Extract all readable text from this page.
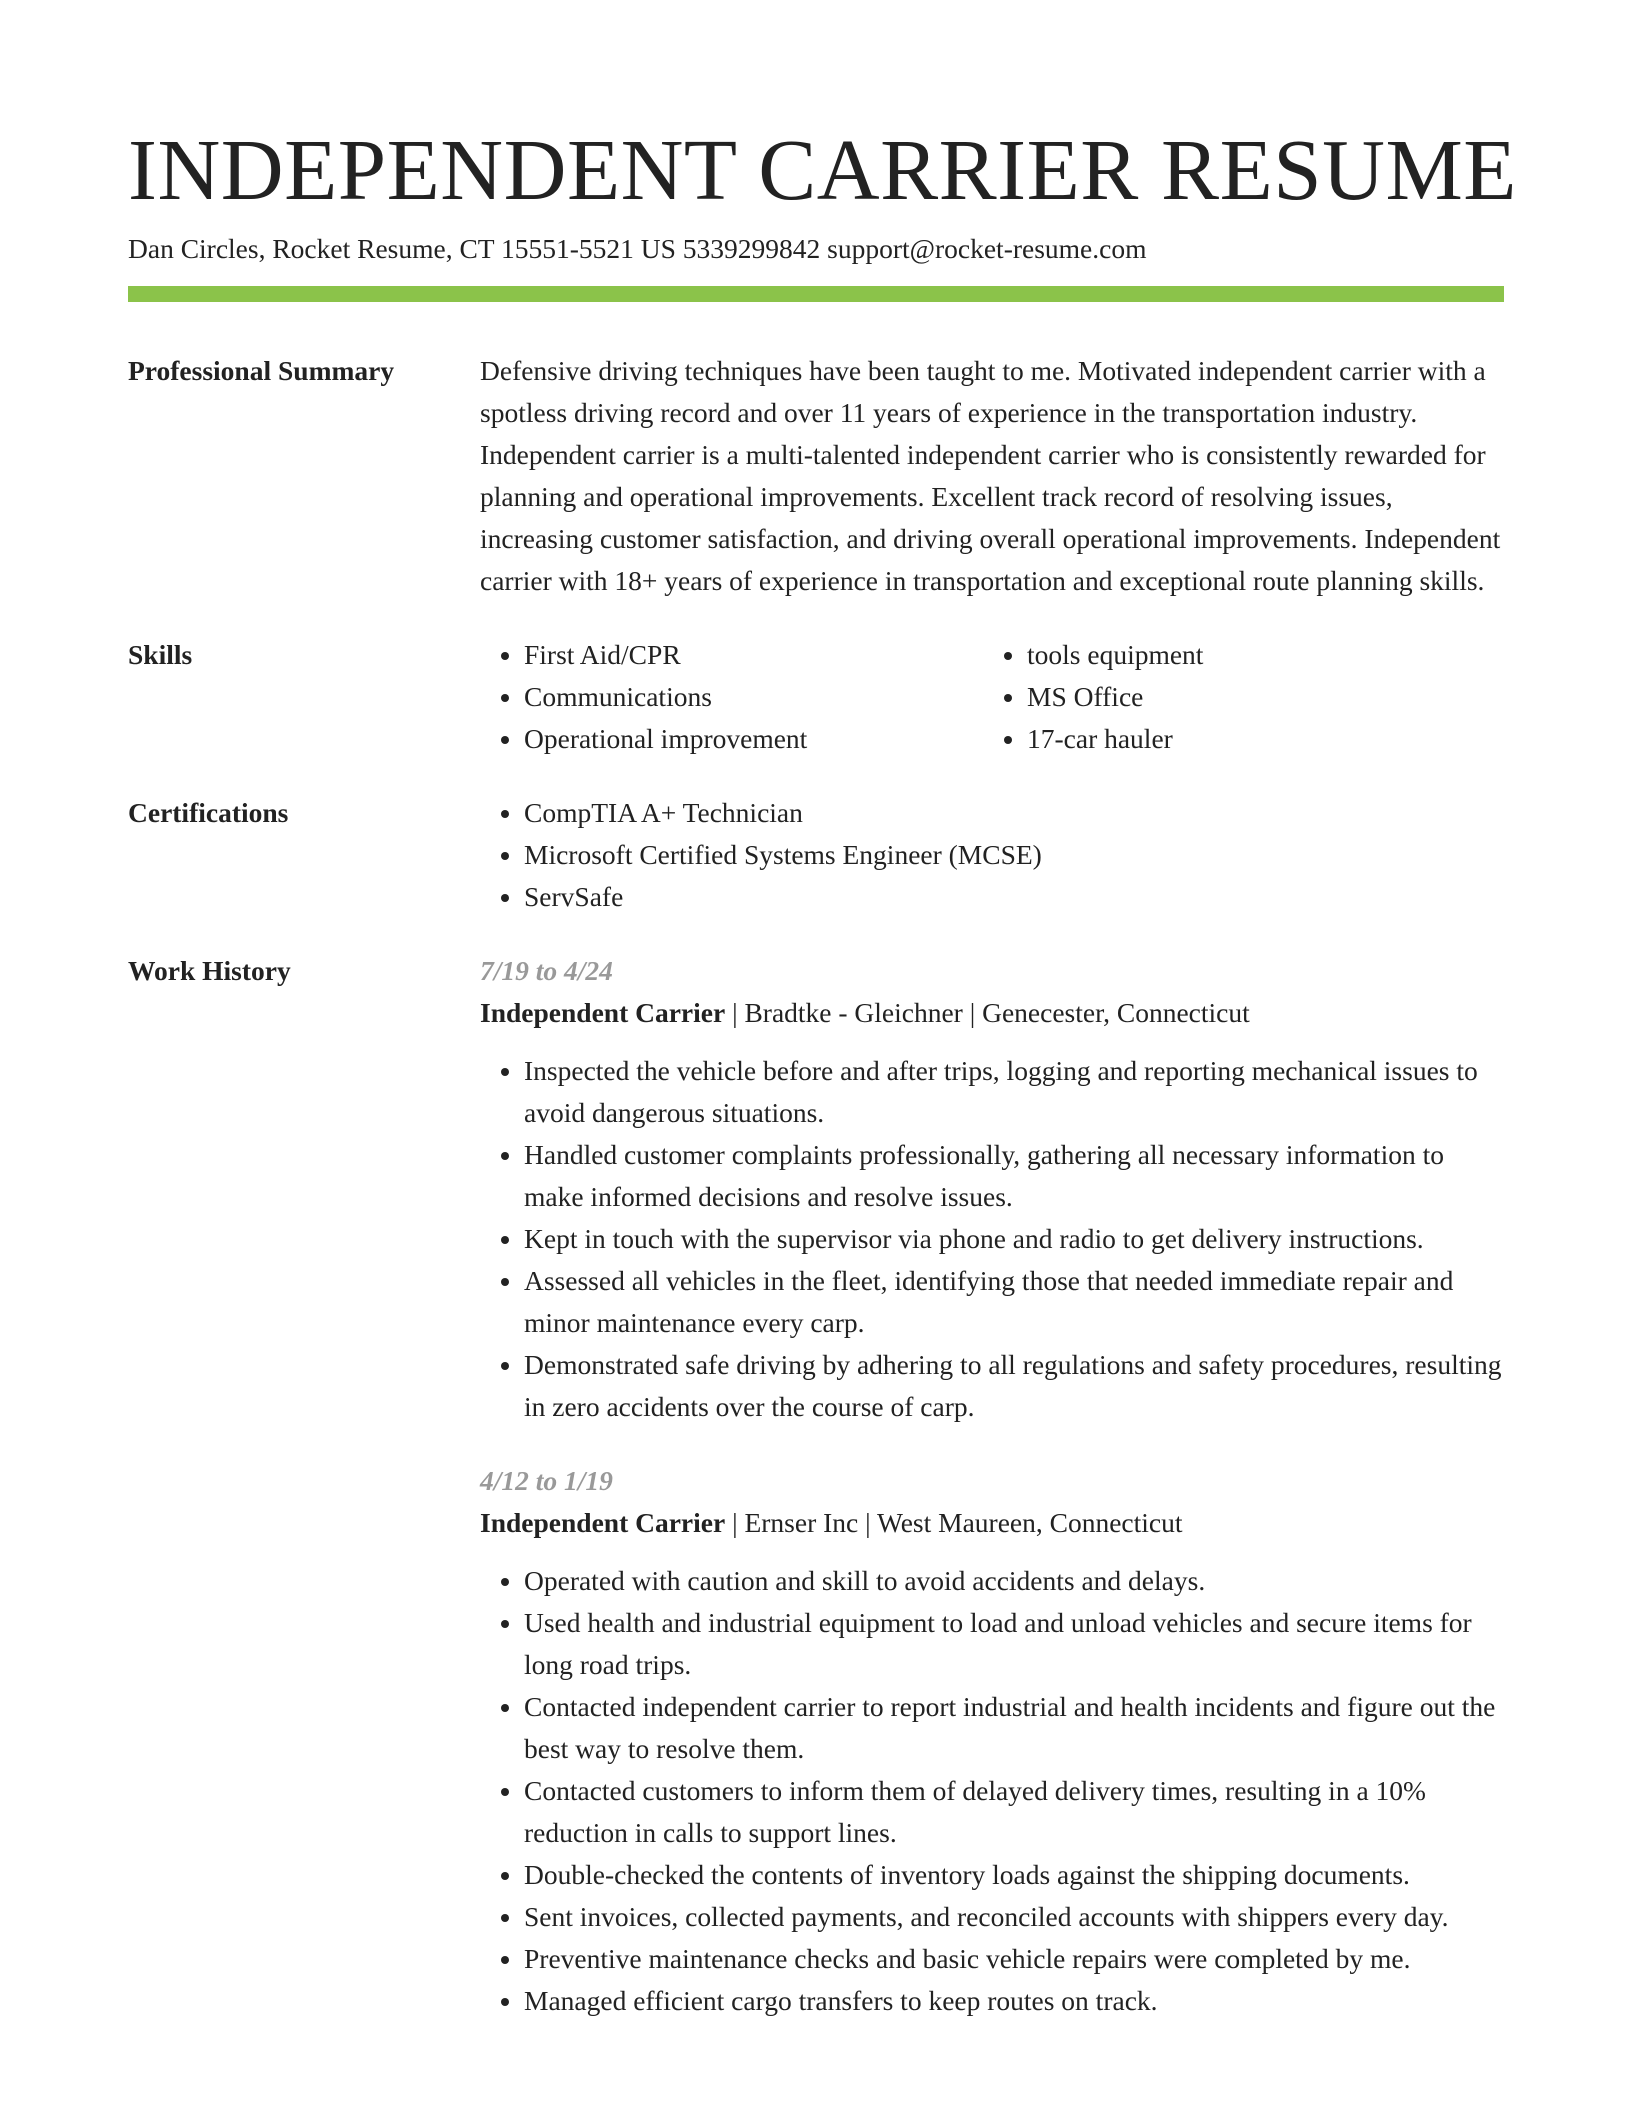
INDEPENDENT CARRIER RESUME
Dan Circles, Rocket Resume, CT 15551-5521 US 5339299842 support@rocket-resume.com
Professional Summary	Defensive driving techniques have been taught to me. Motivated independent carrier with a spotless driving record and over 11 years of experience in the transportation industry. Independent carrier is a multi-talented independent carrier who is consistently rewarded for planning and operational improvements. Excellent track record of resolving issues, increasing customer satisfaction, and driving overall operational improvements. Independent carrier with 18+ years of experience in transportation and exceptional route planning skills.

Skills	• First Aid/CPR
• Communications
• Operational improvement
• tools equipment
• MS Office
• 17-car hauler
Certifications	• CompTIA A+ Technician
• Microsoft Certified Systems Engineer (MCSE)
• ServSafe
Work History	7/19 to 4/24
Independent Carrier | Bradtke - Gleichner | Genecester, Connecticut
• Inspected the vehicle before and after trips, logging and reporting mechanical issues to avoid dangerous situations.
• Handled customer complaints professionally, gathering all necessary information to make informed decisions and resolve issues.
• Kept in touch with the supervisor via phone and radio to get delivery instructions.
• Assessed all vehicles in the fleet, identifying those that needed immediate repair and minor maintenance every carp.
• Demonstrated safe driving by adhering to all regulations and safety procedures, resulting in zero accidents over the course of carp.
4/12 to 1/19
Independent Carrier | Ernser Inc | West Maureen, Connecticut
• Operated with caution and skill to avoid accidents and delays.
• Used health and industrial equipment to load and unload vehicles and secure items for long road trips.
• Contacted independent carrier to report industrial and health incidents and figure out the best way to resolve them.
• Contacted customers to inform them of delayed delivery times, resulting in a 10% reduction in calls to support lines.
• Double-checked the contents of inventory loads against the shipping documents.
• Sent invoices, collected payments, and reconciled accounts with shippers every day.
• Preventive maintenance checks and basic vehicle repairs were completed by me.
• Managed efficient cargo transfers to keep routes on track.
